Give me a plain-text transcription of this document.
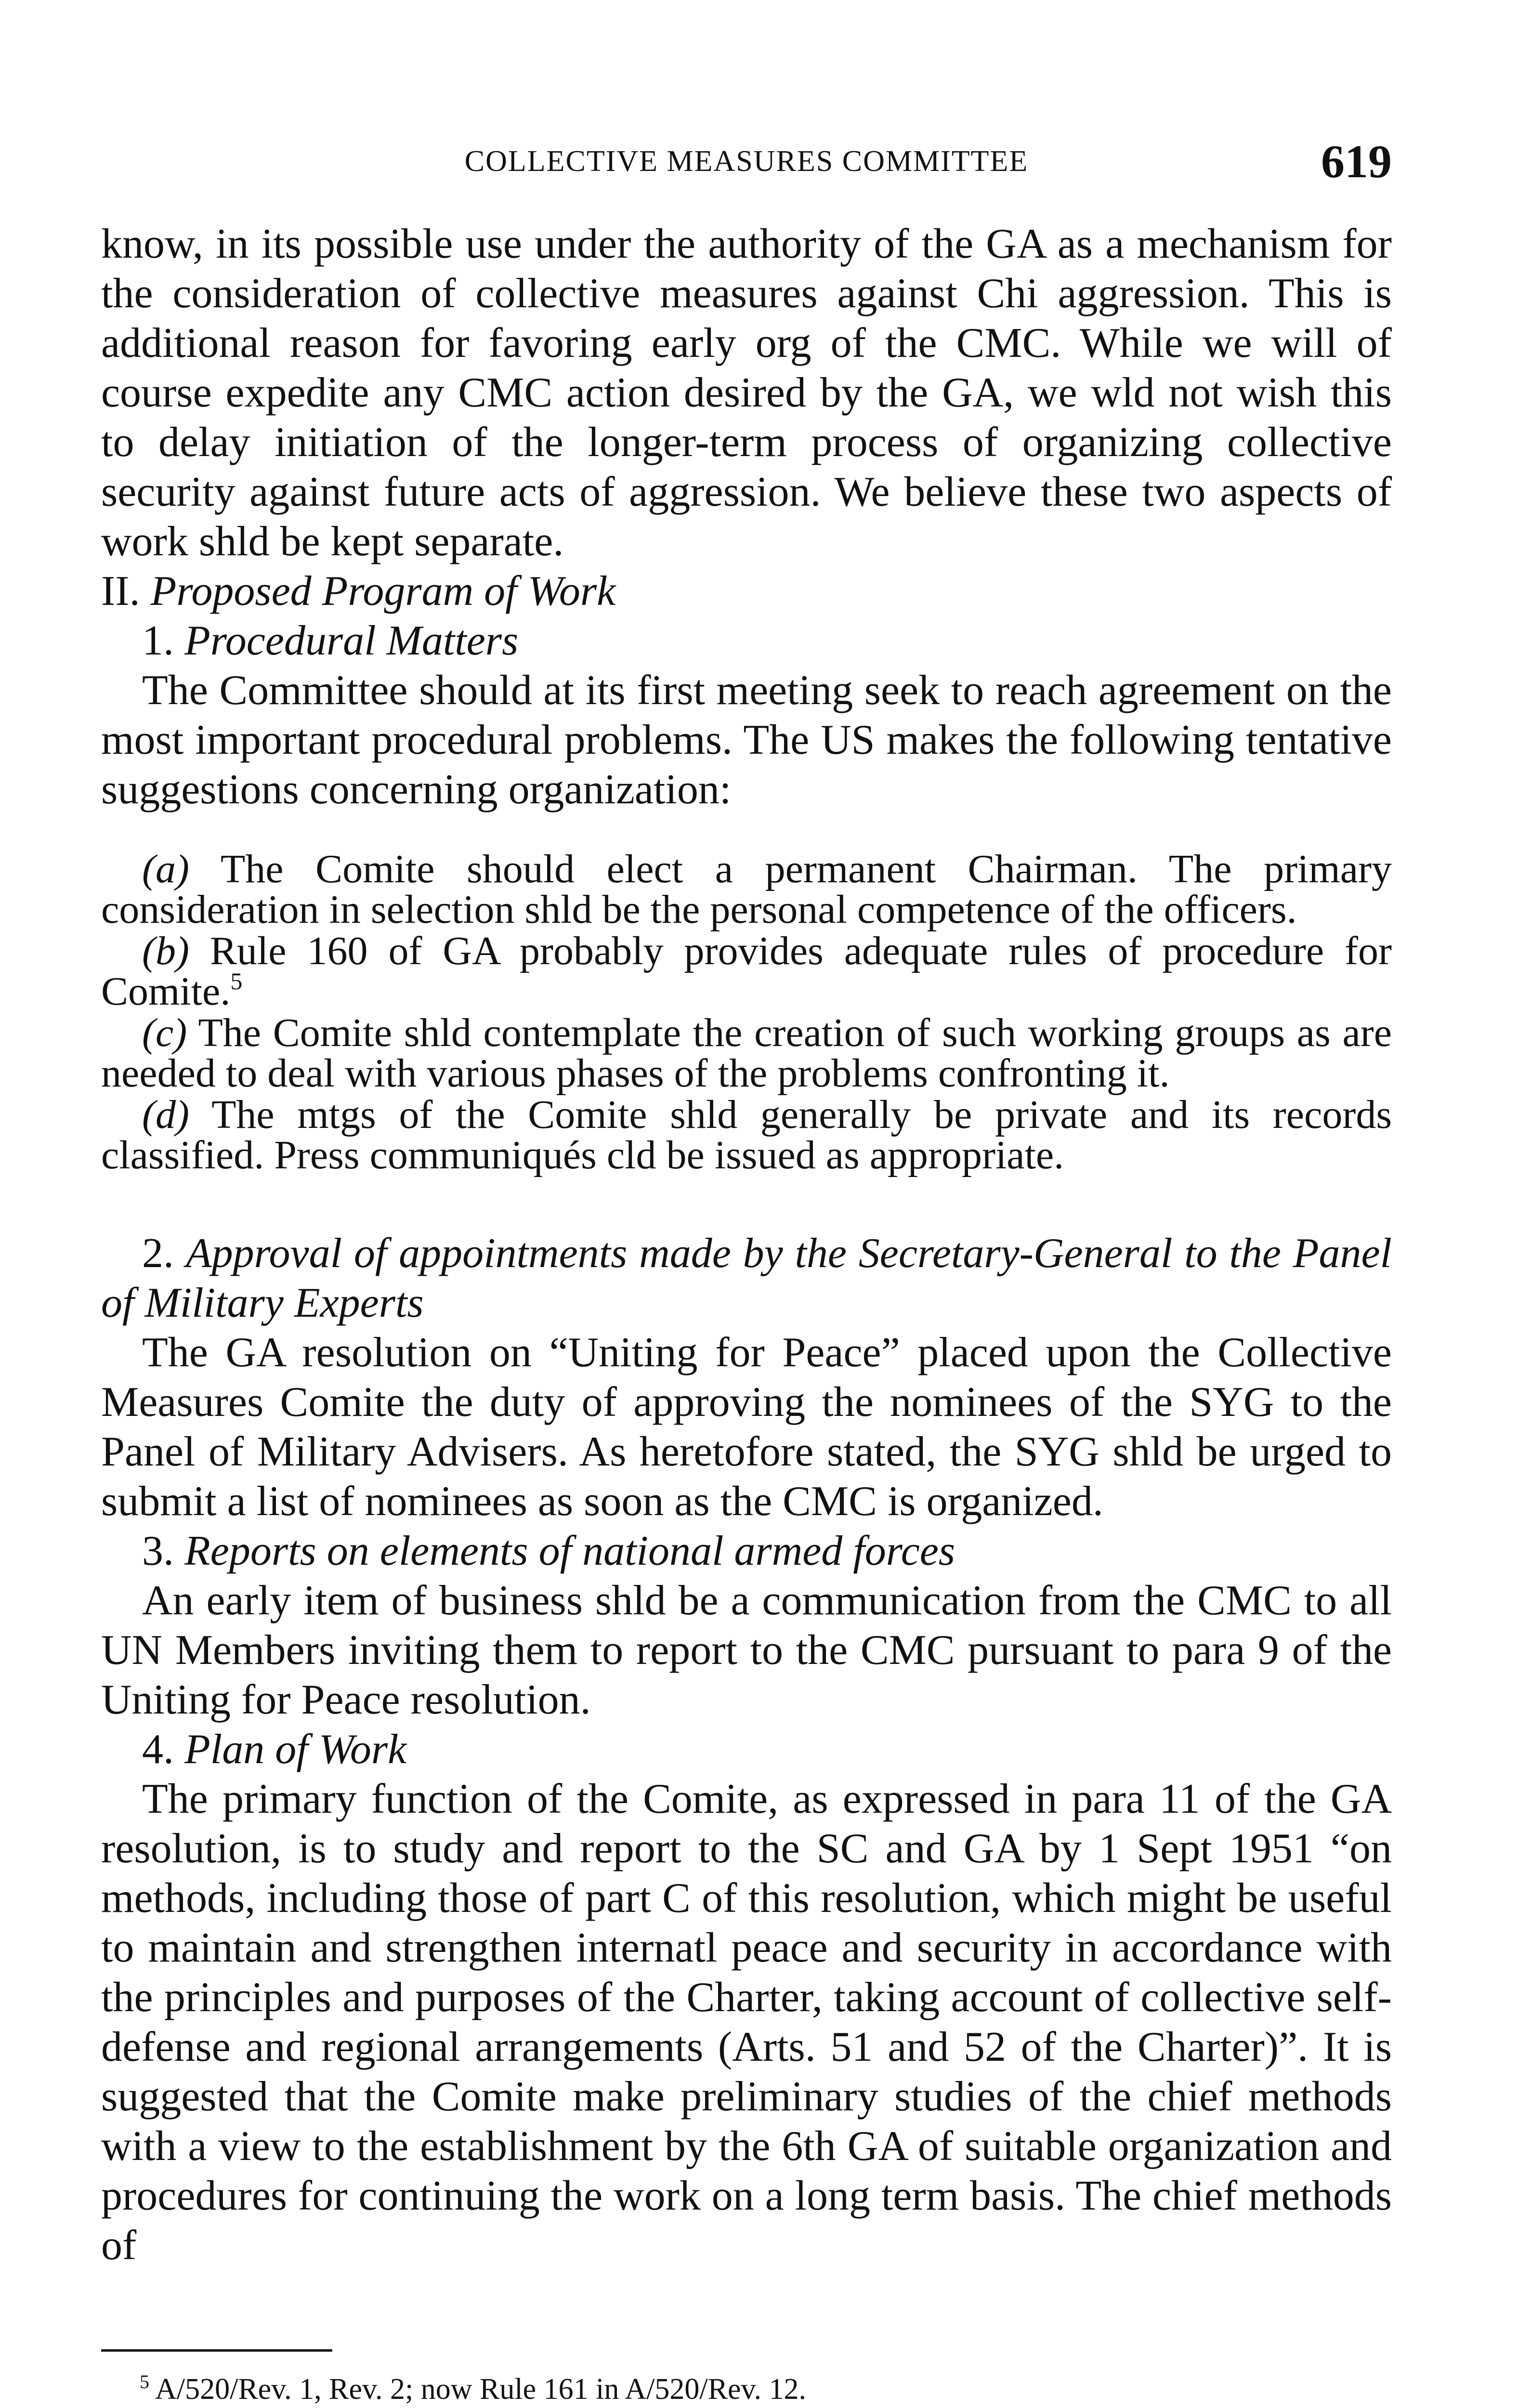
COLLECTIVE MEASURES COMMITTEE	619

know, in its possible use under the authority of the GA as a mechanism for the consideration of collective measures against Chi aggression. This is additional reason for favoring early org of the CMC. While we will of course expedite any CMC action desired by the GA, we wld not wish this to delay initiation of the longer-term process of organizing collective security against future acts of aggression. We believe these two aspects of work shld be kept separate.

II. Proposed Program of Work

1. Procedural Matters

The Committee should at its first meeting seek to reach agreement on the most important procedural problems. The US makes the following tentative suggestions concerning organization:

(a) The Comite should elect a permanent Chairman. The primary consideration in selection shld be the personal competence of the officers.

(b) Rule 160 of GA probably provides adequate rules of procedure for Comite.$^5$

(c) The Comite shld contemplate the creation of such working groups as are needed to deal with various phases of the problems confronting it.

(d) The mtgs of the Comite shld generally be private and its records classified. Press communiqués cld be issued as appropriate.

2. Approval of appointments made by the Secretary-General to the Panel of Military Experts

The GA resolution on “Uniting for Peace” placed upon the Collective Measures Comite the duty of approving the nominees of the SYG to the Panel of Military Advisers. As heretofore stated, the SYG shld be urged to submit a list of nominees as soon as the CMC is organized.

3. Reports on elements of national armed forces

An early item of business shld be a communication from the CMC to all UN Members inviting them to report to the CMC pursuant to para 9 of the Uniting for Peace resolution.

4. Plan of Work

The primary function of the Comite, as expressed in para 11 of the GA resolution, is to study and report to the SC and GA by 1 Sept 1951 “on methods, including those of part C of this resolution, which might be useful to maintain and strengthen internatl peace and security in accordance with the principles and purposes of the Charter, taking account of collective self-defense and regional arrangements (Arts. 51 and 52 of the Charter)”. It is suggested that the Comite make preliminary studies of the chief methods with a view to the establishment by the 6th GA of suitable organization and procedures for continuing the work on a long term basis. The chief methods of

$^5$ A/520/Rev. 1, Rev. 2; now Rule 161 in A/520/Rev. 12.
